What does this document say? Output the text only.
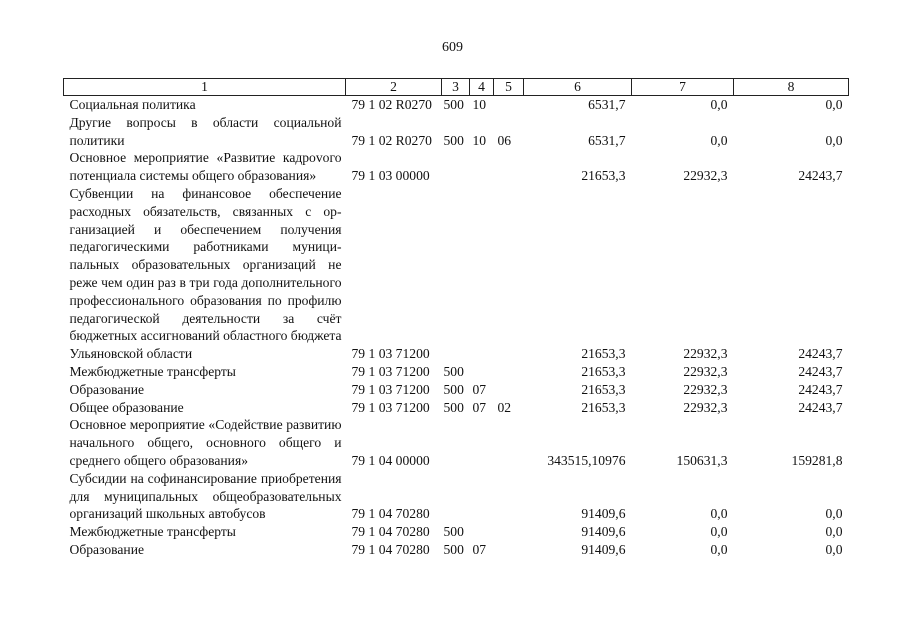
609
1	2	3	4	5	6	7	8
Социальная политика	79 1 02 R0270	500	10		6531,7	0,0	0,0
Другие вопросы в области социальной политики	79 1 02 R0270	500	10	06	6531,7	0,0	0,0
Основное мероприятие «Развитие кадроvого потенциала системы общего образования»	79 1 03 00000				21653,3	22932,3	24243,7
Субвенции на финансовое обеспечение расходных обязательств, связанных с организацией и обеспечением получения педагогическими работниками муниципальных образовательных организаций не реже чем один раз в три года дополнительного профессионального образования по профилю педагогической деятельности за счёт бюджетных ассигнований областного бюджета Ульяновской области	79 1 03 71200				21653,3	22932,3	24243,7
Межбюджетные трансферты	79 1 03 71200	500			21653,3	22932,3	24243,7
Образование	79 1 03 71200	500	07		21653,3	22932,3	24243,7
Общее образование	79 1 03 71200	500	07	02	21653,3	22932,3	24243,7
Основное мероприятие «Содействие развитию начального общего, основного общего и среднего общего образования»	79 1 04 00000				343515,10976	150631,3	159281,8
Субсидии на софинансирование приобретения для муниципальных общеобразовательных организаций школьных автобусов	79 1 04 70280				91409,6	0,0	0,0
Межбюджетные трансферты	79 1 04 70280	500			91409,6	0,0	0,0
Образование	79 1 04 70280	500	07		91409,6	0,0	0,0
